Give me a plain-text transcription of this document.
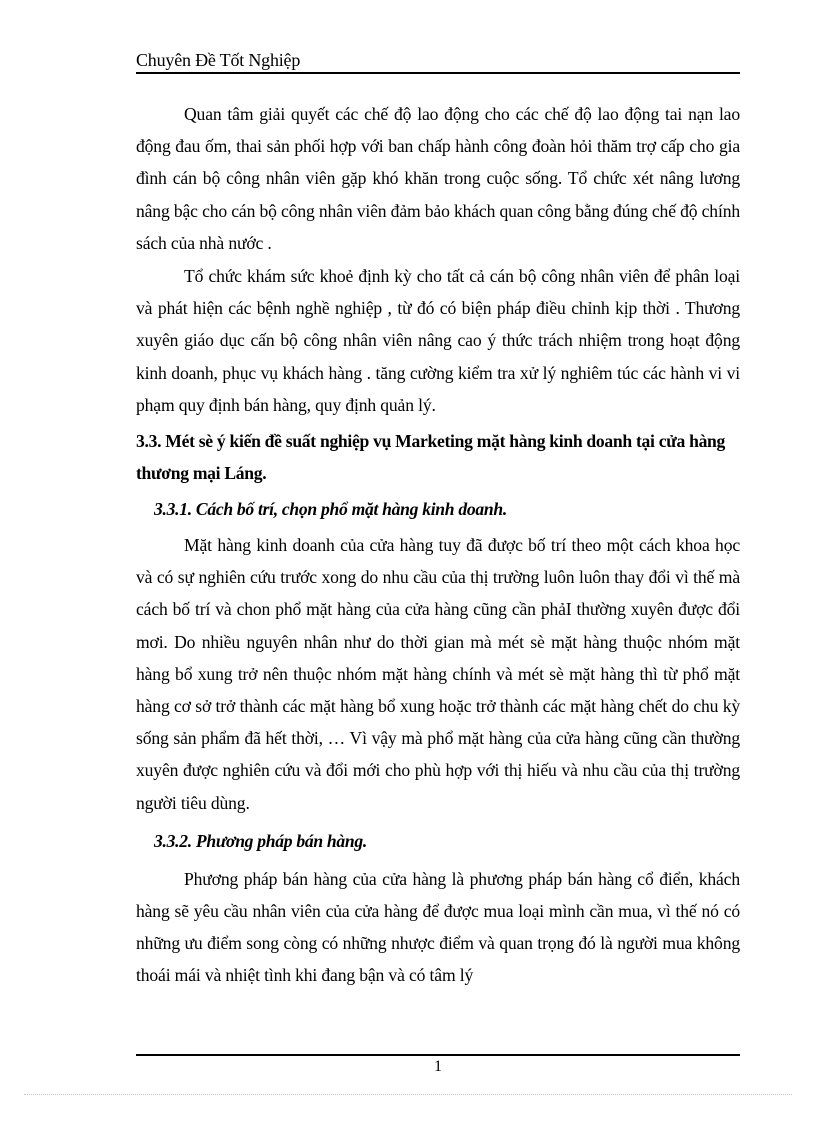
Chuyên Đề Tốt Nghiệp

Quan tâm giải quyết các chế độ lao động cho các chế độ lao động tai nạn lao động đau ốm, thai sản phối hợp với ban chấp hành công đoàn hỏi thăm trợ cấp cho gia đình cán bộ công nhân viên gặp khó khăn trong cuộc sống. Tổ chức xét nâng lương nâng bậc cho cán bộ công nhân viên đảm bảo khách quan công bằng đúng chế độ chính sách của nhà nước .

Tổ chức khám sức khoẻ định kỳ cho tất cả cán bộ công nhân viên để phân loại và phát hiện các bệnh nghề nghiệp , từ đó có biện pháp điều chỉnh kịp thời . Thương xuyên giáo dục cấn bộ công nhân viên nâng cao ý thức trách nhiệm trong hoạt động kinh doanh, phục vụ khách hàng . tăng cường kiểm tra xử lý nghiêm túc các hành vi vi phạm quy định bán hàng, quy định quản lý.

3.3. Mét sè ý kiến đề suất nghiệp vụ Marketing mặt hàng kinh doanh tại cửa hàng thương mại Láng.

3.3.1. Cách bố trí, chọn phổ mặt hàng kinh doanh.

Mặt hàng kinh doanh của cửa hàng tuy đã được bố trí theo một cách khoa học và có sự nghiên cứu trước xong do nhu cầu của thị trường luôn luôn thay đổi vì thế mà cách bố trí và chon phổ mặt hàng của cửa hàng cũng cần phảI thường xuyên được đổi mơi. Do nhiều nguyên nhân như do thời gian mà mét sè mặt hàng thuộc nhóm mặt hàng bổ xung trở nên thuộc nhóm mặt hàng chính và mét sè mặt hàng thì từ phổ mặt hàng cơ sở trở thành các mặt hàng bổ xung hoặc trở thành các mặt hàng chết do chu kỳ sống sản phẩm đã hết thời, … Vì vậy mà phổ mặt hàng của cửa hàng cũng cần thường xuyên được nghiên cứu và đổi mới cho phù hợp với thị hiếu và nhu cầu của thị trường người tiêu dùng.

3.3.2. Phương pháp bán hàng.

Phương pháp bán hàng của cửa hàng là phương pháp bán hàng cổ điển, khách hàng sẽ yêu cầu nhân viên của cửa hàng để được mua loại mình cần mua, vì thế nó có những ưu điểm song còng có những nhược điểm và quan trọng đó là người mua không thoái mái và nhiệt tình khi đang bận và có tâm lý

1
